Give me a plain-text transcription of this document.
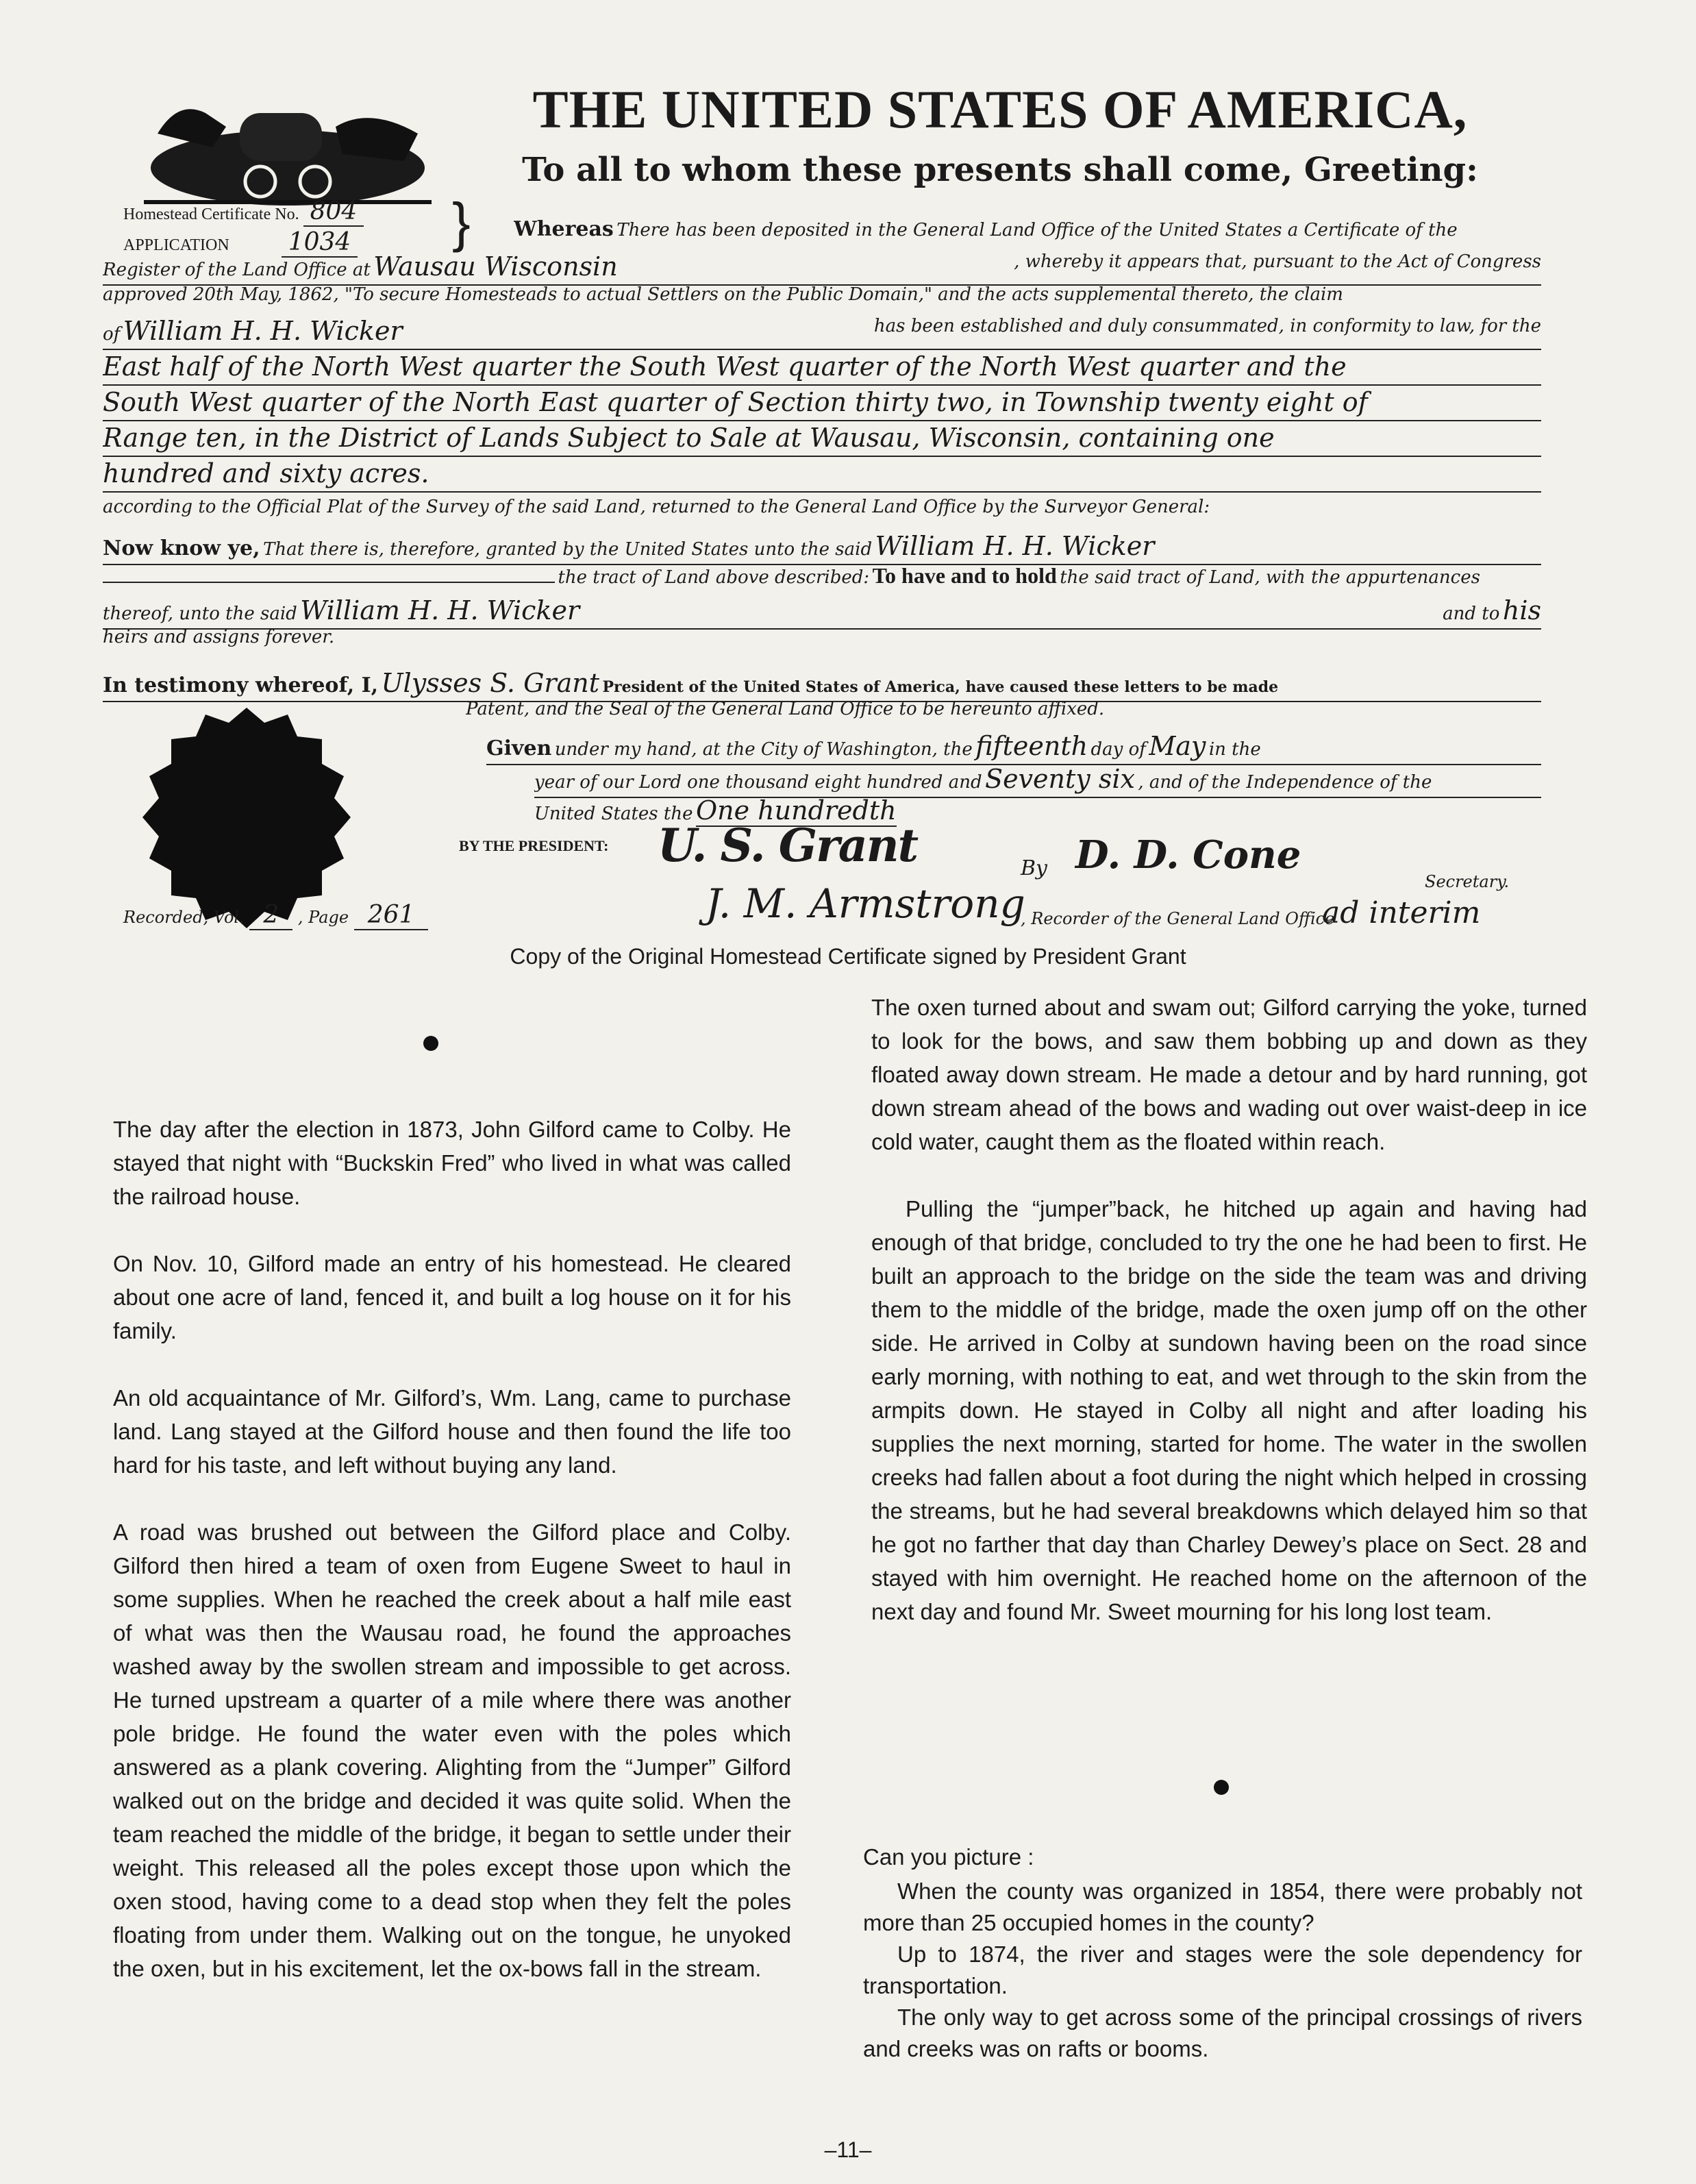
THE UNITED STATES OF AMERICA,
To all to whom these presents shall come, Greeting:
Homestead Certificate No. 804
APPLICATION 1034 } Whereas There has been deposited in the General Land Office of the United States a Certificate of the
Register of the Land Office at Wausau Wisconsin	, whereby it appears that, pursuant to the Act of Congress
approved 20th May, 1862, "To secure Homesteads to actual Settlers on the Public Domain," and the acts supplemental thereto, the claim
of William H. H. Wicker	has been established and duly consummated, in conformity to law, for the
East half of the North West quarter the South West quarter of the North West quarter and the
South West quarter of the North East quarter of Section thirty two, in Township twenty eight of
Range ten, in the District of Lands Subject to Sale at Wausau, Wisconsin, containing one
hundred and sixty acres.
according to the Official Plat of the Survey of the said Land, returned to the General Land Office by the Surveyor General:
Now know ye, That there is, therefore, granted by the United States unto the said William H. H. Wicker
the tract of Land above described: To have and to hold the said tract of Land, with the appurtenances
thereof, unto the said William H. H. Wicker	and to his
heirs and assigns forever.
In testimony whereof, I, Ulysses S. Grant President of the United States of America, have caused these letters to be made
Patent, and the Seal of the General Land Office to be hereunto affixed.
Given under my hand, at the City of Washington, the fifteenth day of May in the
year of our Lord one thousand eight hundred and Seventy six , and of the Independence of the
United States the One hundredth
BY THE PRESIDENT: U. S. Grant	By D. D. Cone
Secretary.
Recorded, Vol. 2 , Page 261	J. M. Armstrong
, Recorder of the General Land Office
ad interim
Copy of the Original Homestead Certificate signed by President Grant

The day after the election in 1873, John Gilford came to Colby. He stayed that night with “Buckskin Fred” who lived in what was called the railroad house.

On Nov. 10, Gilford made an entry of his homestead. He cleared about one acre of land, fenced it, and built a log house on it for his family.

An old acquaintance of Mr. Gilford’s, Wm. Lang, came to purchase land. Lang stayed at the Gilford house and then found the life too hard for his taste, and left without buying any land.

A road was brushed out between the Gilford place and Colby. Gilford then hired a team of oxen from Eugene Sweet to haul in some supplies. When he reached the creek about a half mile east of what was then the Wausau road, he found the approaches washed away by the swollen stream and impossible to get across. He turned upstream a quarter of a mile where there was another pole bridge. He found the water even with the poles which answered as a plank covering. Alighting from the “Jumper” Gilford walked out on the bridge and decided it was quite solid. When the team reached the middle of the bridge, it began to settle under their weight. This released all the poles except those upon which the oxen stood, having come to a dead stop when they felt the poles floating from under them. Walking out on the tongue, he unyoked the oxen, but in his excitement, let the ox-bows fall in the stream.

The oxen turned about and swam out; Gilford carrying the yoke, turned to look for the bows, and saw them bobbing up and down as they floated away down stream. He made a detour and by hard running, got down stream ahead of the bows and wading out over waist-deep in ice cold water, caught them as the floated within reach.

Pulling the “jumper”back, he hitched up again and having had enough of that bridge, concluded to try the one he had been to first. He built an approach to the bridge on the side the team was and driving them to the middle of the bridge, made the oxen jump off on the other side. He arrived in Colby at sundown having been on the road since early morning, with nothing to eat, and wet through to the skin from the armpits down. He stayed in Colby all night and after loading his supplies the next morning, started for home. The water in the swollen creeks had fallen about a foot during the night which helped in crossing the streams, but he had several breakdowns which delayed him so that he got no farther that day than Charley Dewey’s place on Sect. 28 and stayed with him overnight. He reached home on the afternoon of the next day and found Mr. Sweet mourning for his long lost team.

Can you picture :

When the county was organized in 1854, there were probably not more than 25 occupied homes in the county?

Up to 1874, the river and stages were the sole dependency for transportation.

The only way to get across some of the principal crossings of rivers and creeks was on rafts or booms.

–11–
